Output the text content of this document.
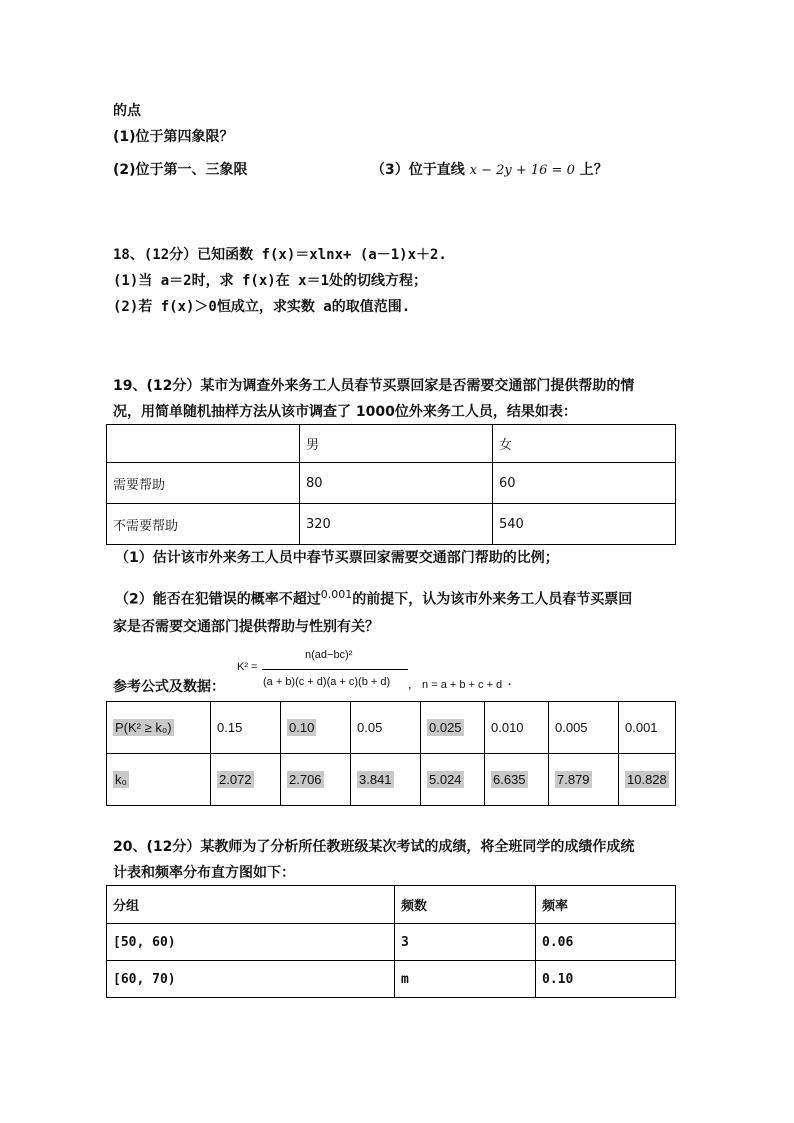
的点
(1)位于第四象限？
(2)位于第一、三象限	（3）位于直线 x − 2y + 16 = 0 上？
18、(12分）已知函数 f(x)＝xlnx+ (a－1)x＋2.
(1)当 a＝2时，求 f(x)在 x＝1处的切线方程；
(2)若 f(x)＞0恒成立，求实数 a的取值范围.
19、(12分）某市为调查外来务工人员春节买票回家是否需要交通部门提供帮助的情
况，用简单随机抽样方法从该市调查了 1000位外来务工人员，结果如表：
	男	女
需要帮助	80	60
不需要帮助	320	540
（1）估计该市外来务工人员中春节买票回家需要交通部门帮助的比例；
（2）能否在犯错误的概率不超过$^{0.001}$的前提下，认为该市外来务工人员春节买票回
家是否需要交通部门提供帮助与性别有关？
参考公式及数据：
K² =
n(ad−bc)²
(a + b)(c + d)(a + c)(b + d) ， n = a + b + c + d .
P(K² ≥ k₀)	0.15	0.10	0.05	0.025	0.010	0.005	0.001
k₀	2.072	2.706	3.841	5.024	6.635	7.879	10.828
20、(12分）某教师为了分析所任教班级某次考试的成绩，将全班同学的成绩作成统
计表和频率分布直方图如下：
分组	频数	频率
[50, 60)	3	0.06
[60, 70)	m	0.10
